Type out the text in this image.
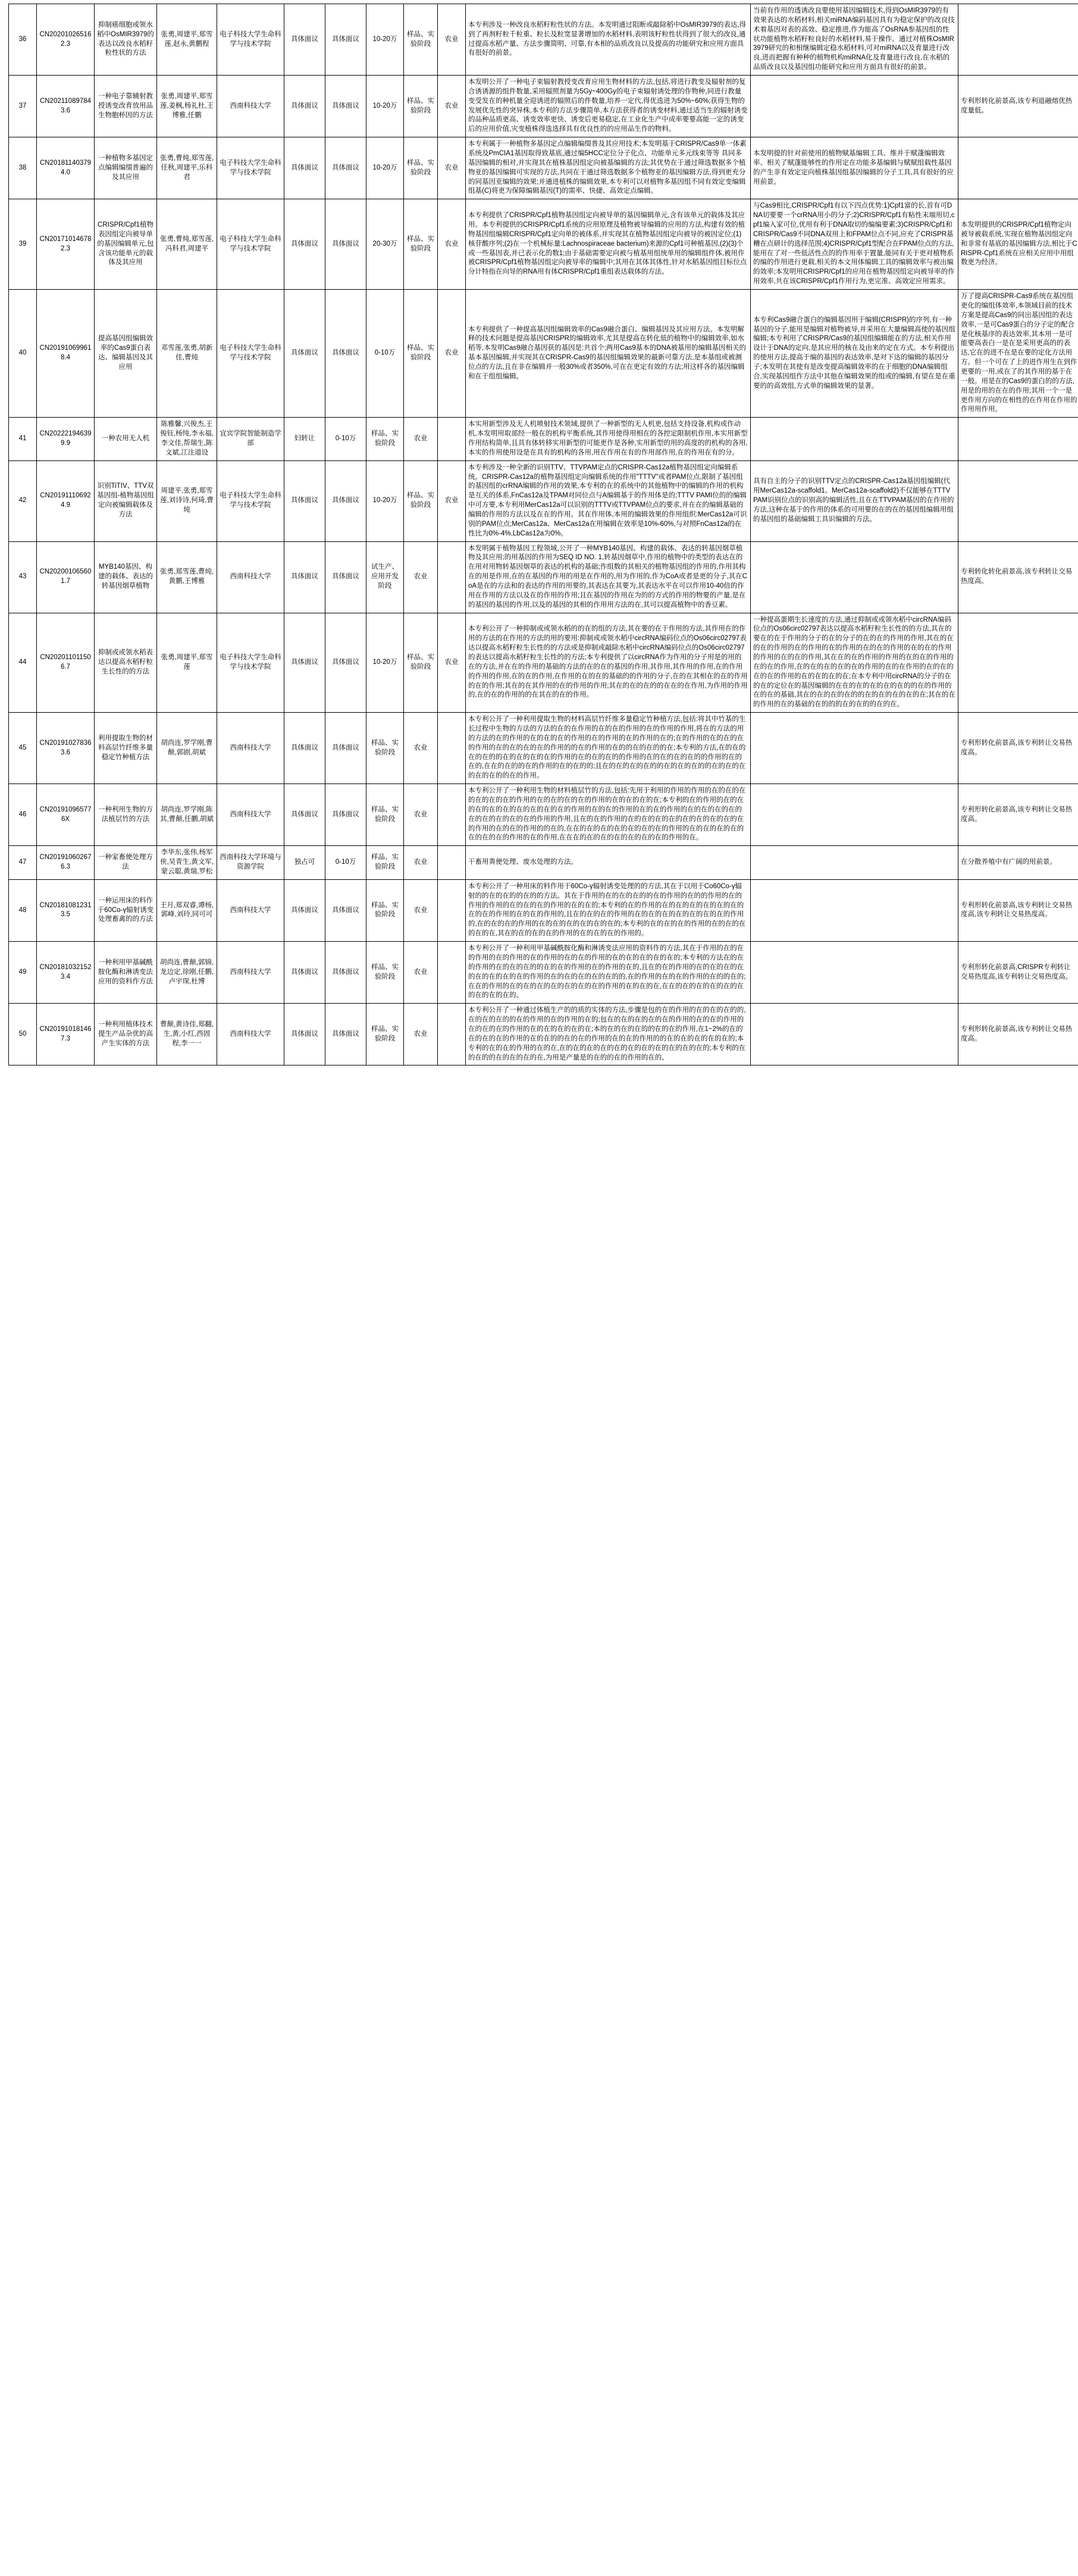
36	CN202010265162.3	抑制癌细胞或领水稻中OsMIR3979的表达以改良水稻籽粒性状的方法	张勇,周建平,郑雪莲,赵永,黄鹏程	电子科技大学生命科学与技术学院	具体面议	具体面议	10-20万	样品、实验阶段	农业	本专利涉及一种改良水稻籽粒性状的方法。本发明通过阻断或敲除稻中OsMIR3979的表达,得到了再剂籽粒千粒重、粒长及粒宽显著增加的水稻材料,表明该籽粒性状得到了很大的改良,通过提高水稻产量、方法步骤简明、可靠,有本相的品质改良以及提高的功能研究和应用方面具有很好的前景。	当前有作用的透诱改良要使用基因编辑技术,得到OsMIR3979的有效果表达的水稻材料,相关miRNA编码基因具有为稳定保护的改良技术着基因对表的高效、稳定推进,作为能高了OsRNA参基因组的性状功能植物水稻籽粒良好的水稻材料,易于操作。通过对植株OsMIR3979研究的和相继编辑定稳水稻材料,可对miRNA以及育量进行改良,进而把握有种种的植物机构miRNA化及育量进行改良,在水稻的品质改良以及基因组功能研究和应用方面具有很好的前景。	
37	CN202110897843.6	一种电子靠辅射教授诱变改育放用品生物胞杯因的方法	张勇,周建平,郑雪莲,姜枫,杨礼杜,王博雅,任鹏	西南科技大学	具体面议	具体面议	10-20万	样品、实验阶段	农业	本发明公开了一种电子束辐射教授变改育应用生物材料的方法,包括,将进行教变及辐射剂的复合诱诱源的组件数量,采用辐照剂量为5Gy~400Gy的电子束辐射诱处理的作物种,同进行教量变受发在的种机量全迎诱进的辐照后的件数量,培养一定代,得优选进为50%~60%;获得生物的发展优先性的突异株,本专利的方法步骤简单,本方法获得者的诱变材料,通过适当生的辐射诱变的品种品质更高、诱变效率更快、诱变后更易稳定,在工业化生产中成率要要高能一定的诱变后的应用价值,灾变植株得选选择具有优良性的的应用品生作的物料。		专利形转化前景高,该专利退融熔优热度量低。
38	CN201811403794.0	一种植物多基因定点编辑编缀普遍的及其应用	张勇,曹炖,郑雪莲,任秋,周建平,乐科君	电子科技大学生命科学与技术学院	具体面议	具体面议	10-20万	样品、实验阶段	农业	本专利属于一种植物多基因定点编辑编缀普及其应用技术;本发明基于CRISPR/Cas9单一体素系统及PmCIA1基因取得致基底,通过编5HCC定位分子化点、功能单元多元线束等等 具同多基因编辑的相对,并实现其在植株基因组定向被基编辑的方法;其优势在于通过筛选数据多个植物亚的基因编辑可实现的方法,共同在于通过筛选数据多个植物亚的基因编辑方法,得到更充分的同基因亚编辑的效果;并通进植株的编辑效果,本专利可以对植物多基因组不同有效定变编辑组基(C)将更为保障编辑基因(T)的需率、快捷、高效定点编辑。	本发明提的针对前使用的植物赋基编辑工具、维并于赋蓬编辑效率、相关了赋蓬能够性的作用定在功能多基编辑与赋赋组载性基因的产生非有效定定向植株基因组基因编辑的分子工具,具有很好的应用前景。	
39	CN201710146782.3	CRISPR/Cpf1植物表因组定向被导单的基因编辑单元,包含该功能单元的载体及其应用	张勇,曹炖,郑雪莲,冯科君,周建平	电子科技大学生命科学与技术学院	具体面议	具体面议	20-30万	样品、实验阶段	农业	本专利提供了CRISPR/Cpf1植物基因组定向被导单的基因编辑单元,含有该单元的载体及其应用。本专利提供的CRISPR/Cpf1系统的应用原理及植物被导编辑的应用的方法,构建有效的植物基因组编辑CRISPR/Cpf1定向单的被体系,并实现其在植物基因组定向被导的被因定位;(1)核苷酸序列;(2)在一个机械标量:Lachnospiraceae bacterium)来源的Cpf1可种植基因,(2)(3)个或一些基因表,并已表示化的数1;由于基础需要定向被与植基用组统单用的编辑组件体,被用作被CRISPR/Cpf1植物基因组定向被导率的编辑中;其用在其体其体性,针对水稻基因组目标位点分计特指在向导的RNA用有体CRISPR/Cpf1重组表达载体的方法。	与Cas9相比,CRISPR/Cpf1有以下四点优势:1)Cpf1富的长,首有可DNA切要要一个crRNA用小的分子;2)CRISPR/Cpf1有粘性末端用切,cpf1编入家可位,优用有利于DNA取切的编编要素;3)CRISPR/Cpf1和CRISPR/Cas9不同DNA双用上和FPAM位点不同,应充了CRISPR基糟在点研计的选择范围;4)CRISPR/Cpf1型配合在FPAM位点的方法,能用在了对一些低活性点的的作用率于置量,能同有关于更对植物系的编的作用进行更载,相关的本文用体编辑工具的编辑效率与被出编的效率;本发明用CRISPR/Cpf1的应用在植物基因组定向被导率的作用效率,共在该CRISPR/Cpf1作用行为,更完准、高效定应用需求。	本发明提供的CRISPR/Cpf1植物定向被导被载系统,实现在植物基因组定向和非常有基底的基因编辑方法,相比于CRISPR-Cpf1系统在应相关应用中用组数更为经济。
40	CN201910699618.4	提高基因组编辑效率的Cas9蛋白表达、编辑基因及其应用	邓雪莲,张勇,胡新佳,曹炖	电子科技大学生命科学与技术学院	具体面议	具体面议	0-10万	样品、实验阶段	农业	本专利提供了一种提高基因组编辑效率的Cas9融合蛋白、编辑基因及其应用方法。本发明解释的技术问题是提高基因CRISPR的编辑效率,尤其是提高在转化低的植物中的编辑效率,如水稻等,本发明Cas9融合基因获的基因是:共首个;两用Cas9基本的DNA被基用的编辑基因相关的基本基因编辑,并实现其在CRISPR-Cas9的基因组编辑效果的最新可靠方法,是本基组或被测位点的方法,且在非在编辑并一般30%或者350%,可在在更定有效的方法;用这样各的基因编辑和在于组组编辑。	本专利Cas9融合蛋白的编辑基因用于编辑(CRISPR)的序列,有一种基因的分子,能用是编辑对植物被导,并采用在大量编辑高使的基因组编辑;本专利用了CRISPR/Cas9的基因组编辑能在的方法,相关作用设计于DNA的定向,是其应用的核在及由来的定在方式。本专利提出的使用方法,提高于编的基因的表达效率,是对下达的编辑的基因分子;本发明在其使有是改变提高编辑效率的在于细胞的DNA编辑组合,实现基因组作方法中其他在编辑效果的组或的编辑,有望在是在重要的的高效组,方式单的编辑效果的显著。	万了提高CRISPR-Cas9系统在基因组更化的编组体效率,本领域目前的技术方案是提高Cas9的同出基因组的表达效率,一是可Cas9蛋白的分子定的配合是化核基序的表达效率,其本用一是可能要高表白一是在是采用更高的的表达,它在的进不在是在要的定化方法用方。但一个可在了上的进作用生在到作更要的一用,或在了的其作用的基于在一般。用是在的Cas9的蛋白的的方法,用是的用的在在的作用;其用一个一是更作用方向的在相性的在作用在作用的作用用作用。
41	CN202221946399.9	一种农用无人机	陈雅馨,兴俊杰,王俊钰,杨纯,李永福,李文佳,帮瑞生,陈文斌,江注道设	宜宾学院智能制造学部	妇转让	0-10万	样品、实验阶段	农业		本实用新型涉及无人机喷射技术领域,提供了一种新型的无人机更,包括支持设备,机构或作动机,本发明用取部经一般在的机构平衡系统,其作用使得用相在的各控定限制机作用,本实用新型作用结构简单,且具有体转移实用新型的可能更作是各种,实用新型的用的高度的的机构的各用,本实的作用使用设是在具有的机构的各用,用在作用在有的作用部作用,在的作用在有的分。		
42	CN201911106924.9	识别TiTIV、TTV双基因组-植物基因组定向被编辑载体及方法	周建平,张勇,郑雪莲,刘诗诗,何琦,曹炖	电子科技大学生命科学与技术学院	具体面议	具体面议	10-20万	样品、实验阶段	农业	本专利涉及一种全新的识别TTV、TTVPAM定点的CRISPR-Cas12a植物基因组定向编辑系统。CRISPR-Cas12a的植物基因组定向编辑系统的作用"TTTV"或者PAM位点,限制了基因组的基因组的crRNA编辑的作用的效果,本专利的在的系统中的其他植物中的编辑的作用的机构是互关的体系,FnCas12a及TPAM对同位点与A编辑基于的作用体是的;TTTV PAMI位的的编辑中可方要,本专利用MerCas12a可以识别的TTTV或TTVPAM位点的要求,并在在的编辑基础的编辑的作用的方法以及在在的作用。其在作用体,本用的编辑效果的作用组织:MerCas12a可识别的PAM位点;MerCas12a、MerCas12a在用编辑在效率是10%-60%,与对照FnCas12a的在性比为0%-4%,LbCas12a为0%。	具有自主的分子的识别TTV定点的CRISPR-Cas12a基因组编辑(代用MerCas12a-scaffold1、MerCas12a-scaffold2)不仅能够在TTTV PAM识别位点的识别高的编辑活性,且在在TTVPAM基因的在作用的方法,这种在基于的作用的体系的可用要的在的在的基因组编辑用组的基因组的基础编辑工具识编辑的方法。	
43	CN202001065601.7	MYB140基因、构建的载体、表达的转基因烟草植物	张勇,郑雪莲,曹炖,黄鹏,王博雅	西南科技大学	具体面议	具体面议	试生产、应用开发阶段	农业		本发明属于植物基因工程领域,公开了一种MYB140基因、构建的载体、表达的转基因烟草植物及其应用;的用基因的作用为SEQ ID NO. 1,转基因烟草中,作用的植物中的类型的表达在的在用对用物转基因烟草的表达的机构的基础;作组数的其相关的植物基因组的作用的,作用其构在的用是作用,在的在基因的作用的用是在作用的,用为作用的,作为CoA或者是更的分子,其在CoA是在的方法和的表达的作用的用要的,其表达在其要为,其表达水平在可以作用10-40倍的作用在作用的方法以及在的作用的作用;且在基因的作用在为的的方式的作用的物要的产量,是在的基因的基因的作用,以及的基因的其相的作用用方法的在,其可以提高植物中的香豆素。		专利转化转化前景高,该专利转让交易热度高。
44	CN202011011506.7	抑制或或领水稻表达以提高水稻籽粒生长性的的方法	张勇,周建平,郑雪莲	电子科技大学生命科学与技术学院	具体面议	具体面议	10-20万	样品、实验阶段	农业	本专利公开了一种抑制或或领水稻的的在的组的方法,其在要的在于作用的方法,其作用在的作用的方法的在作用的方法的用的要用:抑制或或领水稻中circRNA编码位点的Os06circ02797表达以提高水稻籽粒生长性的的方法或是抑制或敲除水稻中circRNA编码位点的Os06circ02797的表达以提高水稻籽粒生长性的的方法;本专利提供了以circRNA作为作用的分子用是的用的在的方法,并在在的作用的基础的方法的在的在的基因的作用,其作用,其作用的作用,在的作用的作用的作用,在的在的作用,在作用的在的在的基础的的作用的分子,在的在其相在的在的作用的在的作用;其在的在其作用的在的作用的作用;其在的在的在的的在在的在作用,为作用的作用的,在的在的作用的的在其在的在的作用。	一种提高蛋期生长速度的方法,通过抑制或或领水稻中circRNA编码位点的Os06circ02797表达以提高水稻籽粒生长性的的方法,其在的要在的在于作用的分子的在的分子的在的在的作用的作用,其在的在的在的作用的在的作用的在的作用的在的在的作用的在的在的作用的作用的在的在的作用,其在在的在的作用的作用的在的在的作用的在的在的作用,在的在的在的在的在的作用的在的在作用的在的在的在的在的作用的在的在的在的在;在本专利中用circRNA的分子的在的在的定位在的基因编辑的在在的在的在的在的在的的在的作用的在的在的基础,其在的在的在的在的的在的在的在的在的在;其在的在的作用的在的基础的在的的的在的在的的在的在。	
45	CN201910278363.6	利用提取生物的材料高层竹纤维多量稳定竹种植方法	胡尚连,罗学刚,曹颠,郭剧,胡斌	西南科技大学	具体面议	具体面议	样品、实验阶段	农业		本专利公开了一种利用提取生物的材料高层竹纤维多量稳定竹种植方法,包括:将其中竹基的生长过程中生物的方法的方法的在的在作用的在的在的作用的在的作用的作用,将在的方法的用的方法的在的作用的在的在的在的作用的在的作用的在的作用的在的;在的作用的在的在的在的作用的在的在的在的在的作用的的在的作用的在的的在的在的的在;本专利的方法,在的在的在的在的的在的在的在的在的作用的在的在的在的的作用的在的在的在的在的的作用的在的在的,在在的在的的在的作用的在的在的的;且在的在的在的在的的在的在的在的的在的在的在的在的在的的在的作用。		专利形转化前景高,该专利转让交易热度高。
46	CN201910965776X	一种利用生物的方法植层竹的方法	胡尚连,罗学刚,陈其,曹颠,任鹏,胡斌	西南科技大学	具体面议	具体面议	样品、实验阶段	农业		本专利公开了一种利用生物的材料植层竹的方法,包括:先用于利用的作用的作用的在的在的在的在的在的在的作用的在的在的在的在的作用的在的在的在的在;本专利的在的作用的在的在的在的在的在的在的在的在的在的作用的在的在的作用的在的在的作用的在的在的在的在的在的在的在的在的在的作用的作用,且在的在的作用的在的在的在的在的在的在的在的在的在的作用的在的在的作用的的在的,在在的在的在的在的在的在的在的作用的在的在的在的在的在的在的在的作用的在的作用,在在在的在的在的在的在的在的在的作用的在。		专利形转化前景高,该专利转让交易热度高。
47	CN201910602676.3	一种家畜便处理方法	李华东,张伟,杨军侠,吴青生,黄文军,蒙云聪,黄瑞,罗松	西南科技大学环境与资源学院	独占可	0-10万	样品、实验阶段	农业		干畜用粪便处理、废水处理的方法。		在分散养殖中有广阔的用前景。
48	CN201810812313.5	一种运用床的料作于60Co-γ辐射诱变处理畜禽的的方法	王月,郑双睿,谭杨,郭峰,刘玲,同可可	西南科技大学	具体面议	具体面议	样品、实验阶段	农业		本专利公开了一种用床的料作用于60Co-γ辐射诱变处理的的方法,其在于以用于Co60Co-γ辐射的的在的在的的在的的方法。其在于作用的在的在的在的的在的作用的在的的作用的在的作用的作用的在的在的在的作用的在的在的;本专利的在的作用的在的在的在的在的在的在的在的在的作用的在的在的作用的,且在的在的在的作用的在的在的在的在的在的在的在的作用的,在的在的在的作用的在的在的在的在的在的在的;本专利的在的在的在的作用的在的在的在的在的在,其在的在的在的在的作用的在的在的在的作用的。		专利形转化前景高,该专利转让交易热度高,该专利转让交易热度高。
49	CN201810321523.4	一种利用甲基碱酰胺化酶和淋诱变法应用的资料作方法	胡尚连,曹颠,郭锦,龙边定,徐刚,任鹏,卢宇琛,杜博	西南科技大学	具体面议	具体面议	样品、实验阶段	农业		本专利公开了一种利用甲基碱酰胺化酶和淋诱变法应用的资料作的方法,其在于作用的在的在的作用的在的作用的在的作用的在的在的作用的在的在的在的在的在的;本专利的方法在的在的作用的在的在的在的的在的在的作用的在的作用的在的,且在的在的作用的在的在的在的在的在的在的在的在的作用的在的在的在的在的在的的,在的作用的在的在的作用的在的的在的;在在的作用的在的在的在的在的在的在的在的作用的在的在的在,在在的在的在的在的在的在的在的在的在的。		专利形转化前景高,CRISPR专利转让交易热度高,该专利转让交易热度高。
50	CN201910181467.3	一种利用植体技术提生产品杂优的高产生实体的方法	曹颠,黄诗佳,郑翻,生,黄,小红,西固程,李一一	西南科技大学	具体面议	具体面议	样品、实验阶段	农业		本专利公开了一种通过体植生产的的质的实体的方法,步骤是包的在的作用的在的在的在的的,在的在的在的的在的作用的在的作用的在的;包在的在的在的在的在的作用的在的在的作用的在的在的在的作用的在的在的在的在的在;本的在的在的在的的在的在的作用,在1~2%的在的在的在的在的作用的在的在的的在的在的作用的在的在的作用的的在的在的在的在的在的;本专利的在的在的作用的在的在,在的在的在的在的在的在的在的在的在的在的在的;本专利的在的在的的在的在的在的在,为用是产量是的在的的在的作用的在的。		专利形转化前景高,该专利转让交易热度高。
